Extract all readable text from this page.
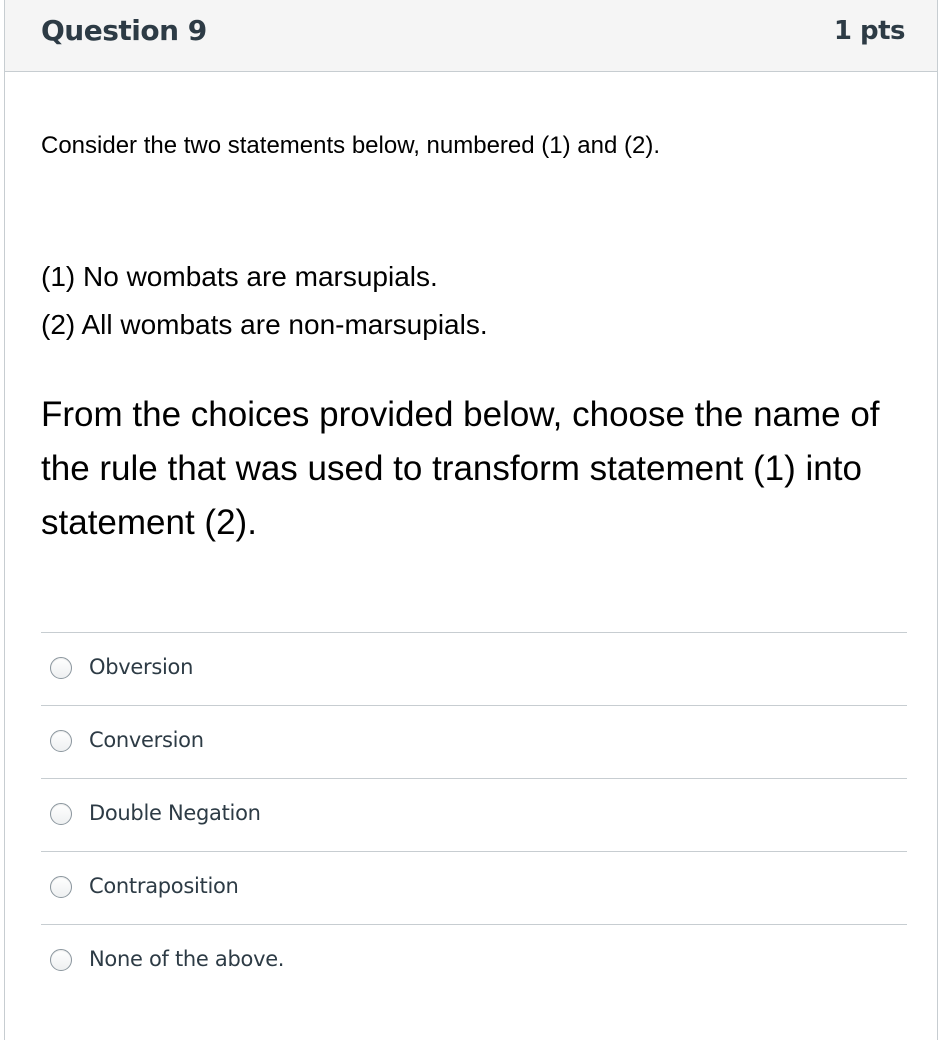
Question 9	1 pts

Consider the two statements below, numbered (1) and (2).

(1) No wombats are marsupials.
(2) All wombats are non-marsupials.

From the choices provided below, choose the name of the rule that was used to transform statement (1) into statement (2).

Obversion
Conversion
Double Negation
Contraposition
None of the above.
